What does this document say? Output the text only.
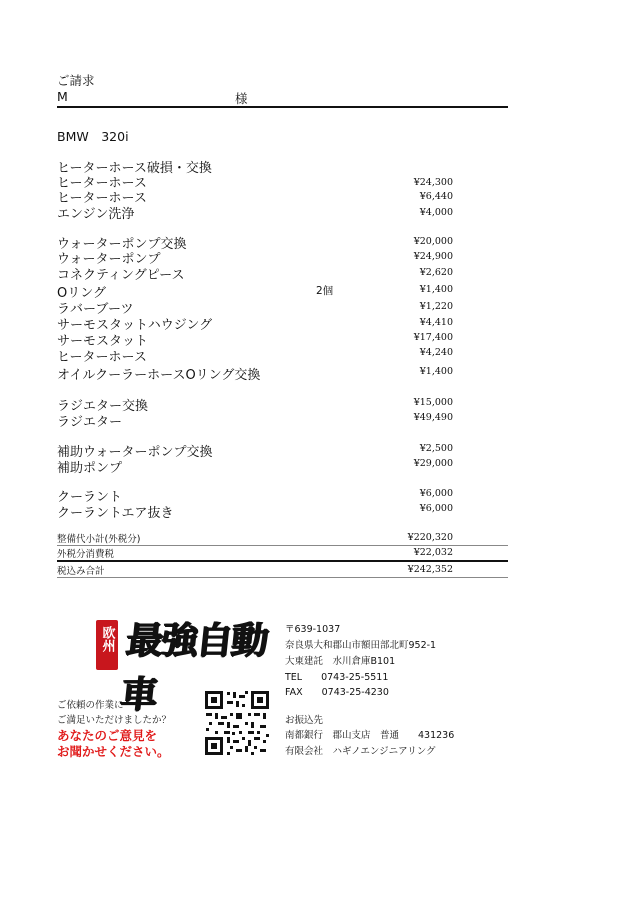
ご請求
M	様
BMW　320i
ヒーターホース破損・交換
ヒーターホース	¥24,300
ヒーターホース	¥6,440
エンジン洗浄	¥4,000
ウォーターポンプ交換	¥20,000
ウォーターポンプ	¥24,900
コネクティングピース	¥2,620
Oリング	2個	¥1,400
ラバーブーツ	¥1,220
サーモスタットハウジング	¥4,410
サーモスタット	¥17,400
ヒーターホース	¥4,240
オイルクーラーホースOリング交換	¥1,400
ラジエター交換	¥15,000
ラジエター	¥49,490
補助ウォーターポンプ交換	¥2,500
補助ポンプ	¥29,000
クーラント	¥6,000
クーラントエア抜き	¥6,000
整備代小計(外税分)	¥220,320
外税分消費税	¥22,032
税込み合計	¥242,352
欧州 最強自動車
〒639-1037
奈良県大和郡山市額田部北町952-1
大東建託　水川倉庫B101
TEL　　0743-25-5511
FAX　　0743-25-4230
お振込先
南都銀行　郡山支店　普通　　431236
有限会社　ハギノエンジニアリング
ご依頼の作業に
ご満足いただけましたか？
あなたのご意見を
お聞かせください。
